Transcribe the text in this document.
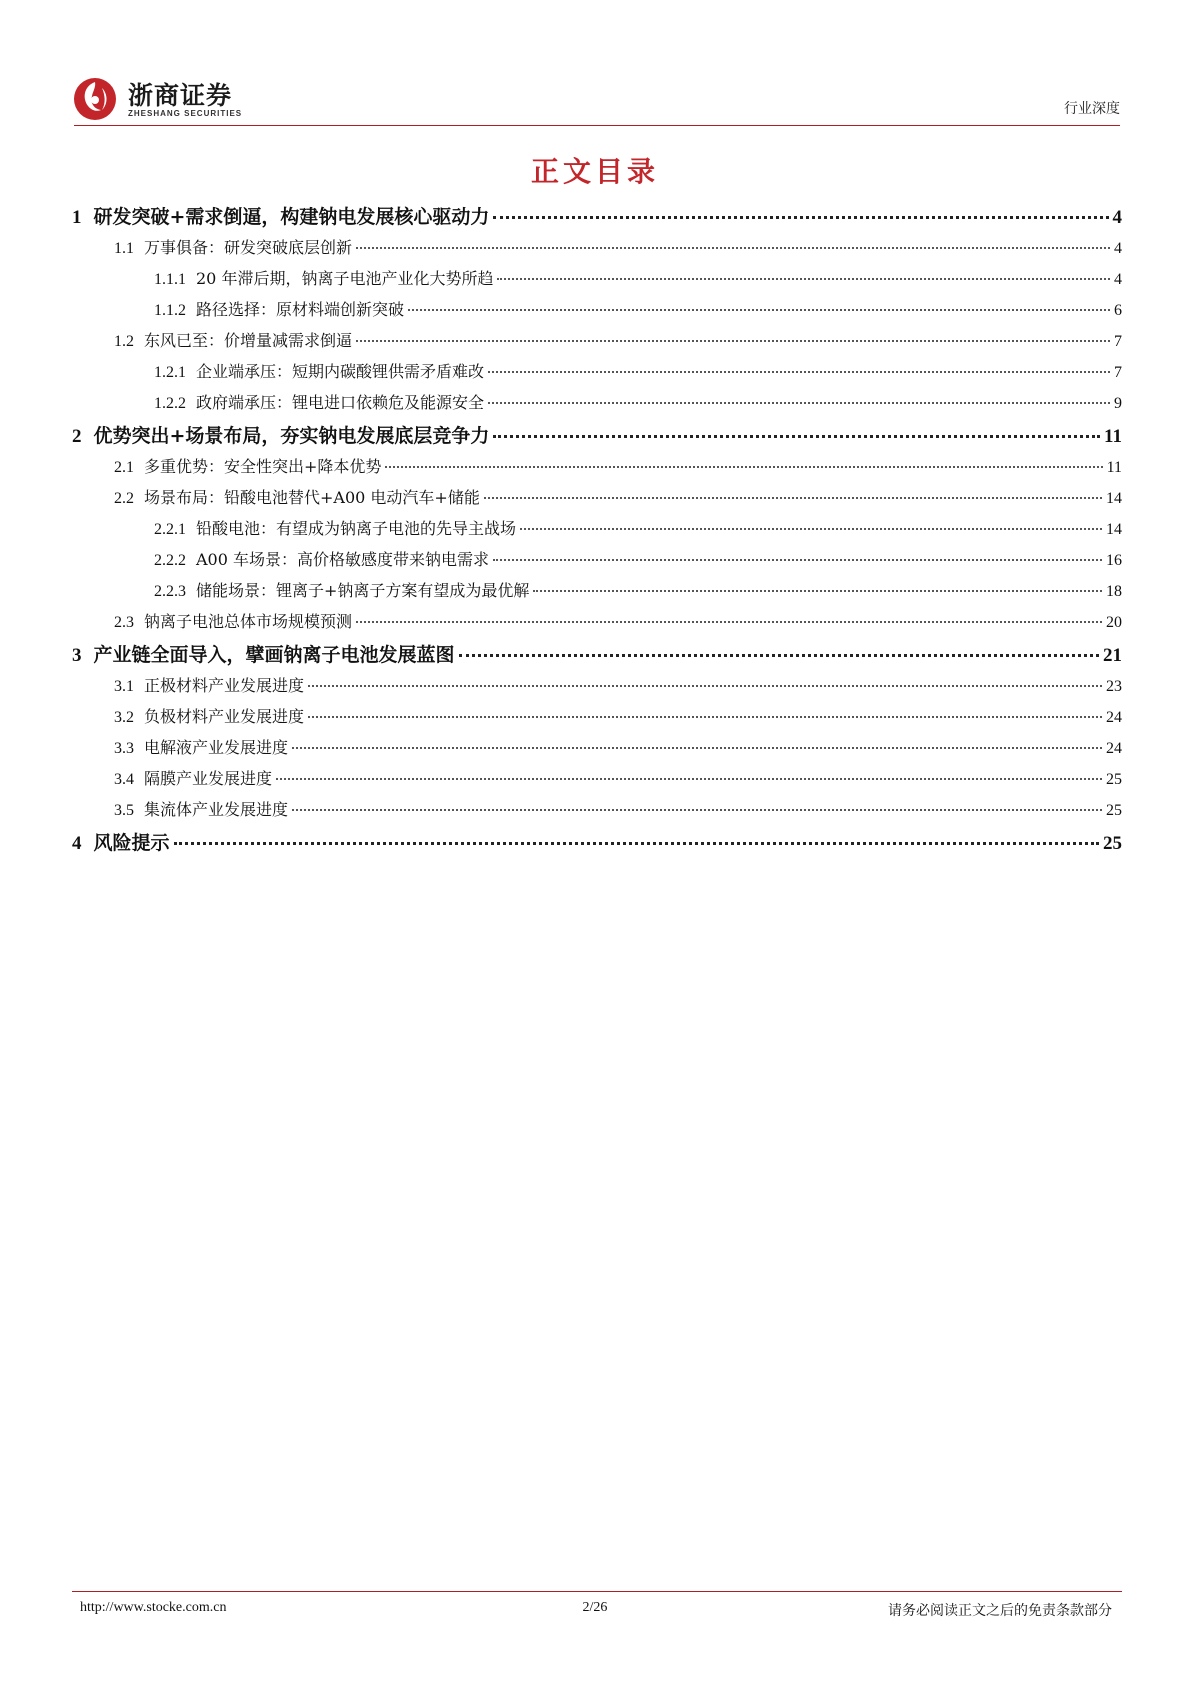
浙商证券
ZHESHANG SECURITIES	行业深度
正文目录
1 研发突破+需求倒逼，构建钠电发展核心驱动力	4
1.1 万事俱备：研发突破底层创新	4
1.1.1 20 年滞后期，钠离子电池产业化大势所趋	4
1.1.2 路径选择：原材料端创新突破	6
1.2 东风已至：价增量减需求倒逼	7
1.2.1 企业端承压：短期内碳酸锂供需矛盾难改	7
1.2.2 政府端承压：锂电进口依赖危及能源安全	9
2 优势突出+场景布局，夯实钠电发展底层竞争力	11
2.1 多重优势：安全性突出+降本优势	11
2.2 场景布局：铅酸电池替代+A00 电动汽车+储能	14
2.2.1 铅酸电池：有望成为钠离子电池的先导主战场	14
2.2.2 A00 车场景：高价格敏感度带来钠电需求	16
2.2.3 储能场景：锂离子+钠离子方案有望成为最优解	18
2.3 钠离子电池总体市场规模预测	20
3 产业链全面导入，擘画钠离子电池发展蓝图	21
3.1 正极材料产业发展进度	23
3.2 负极材料产业发展进度	24
3.3 电解液产业发展进度	24
3.4 隔膜产业发展进度	25
3.5 集流体产业发展进度	25
4 风险提示	25
http://www.stocke.com.cn	2/26	请务必阅读正文之后的免责条款部分
